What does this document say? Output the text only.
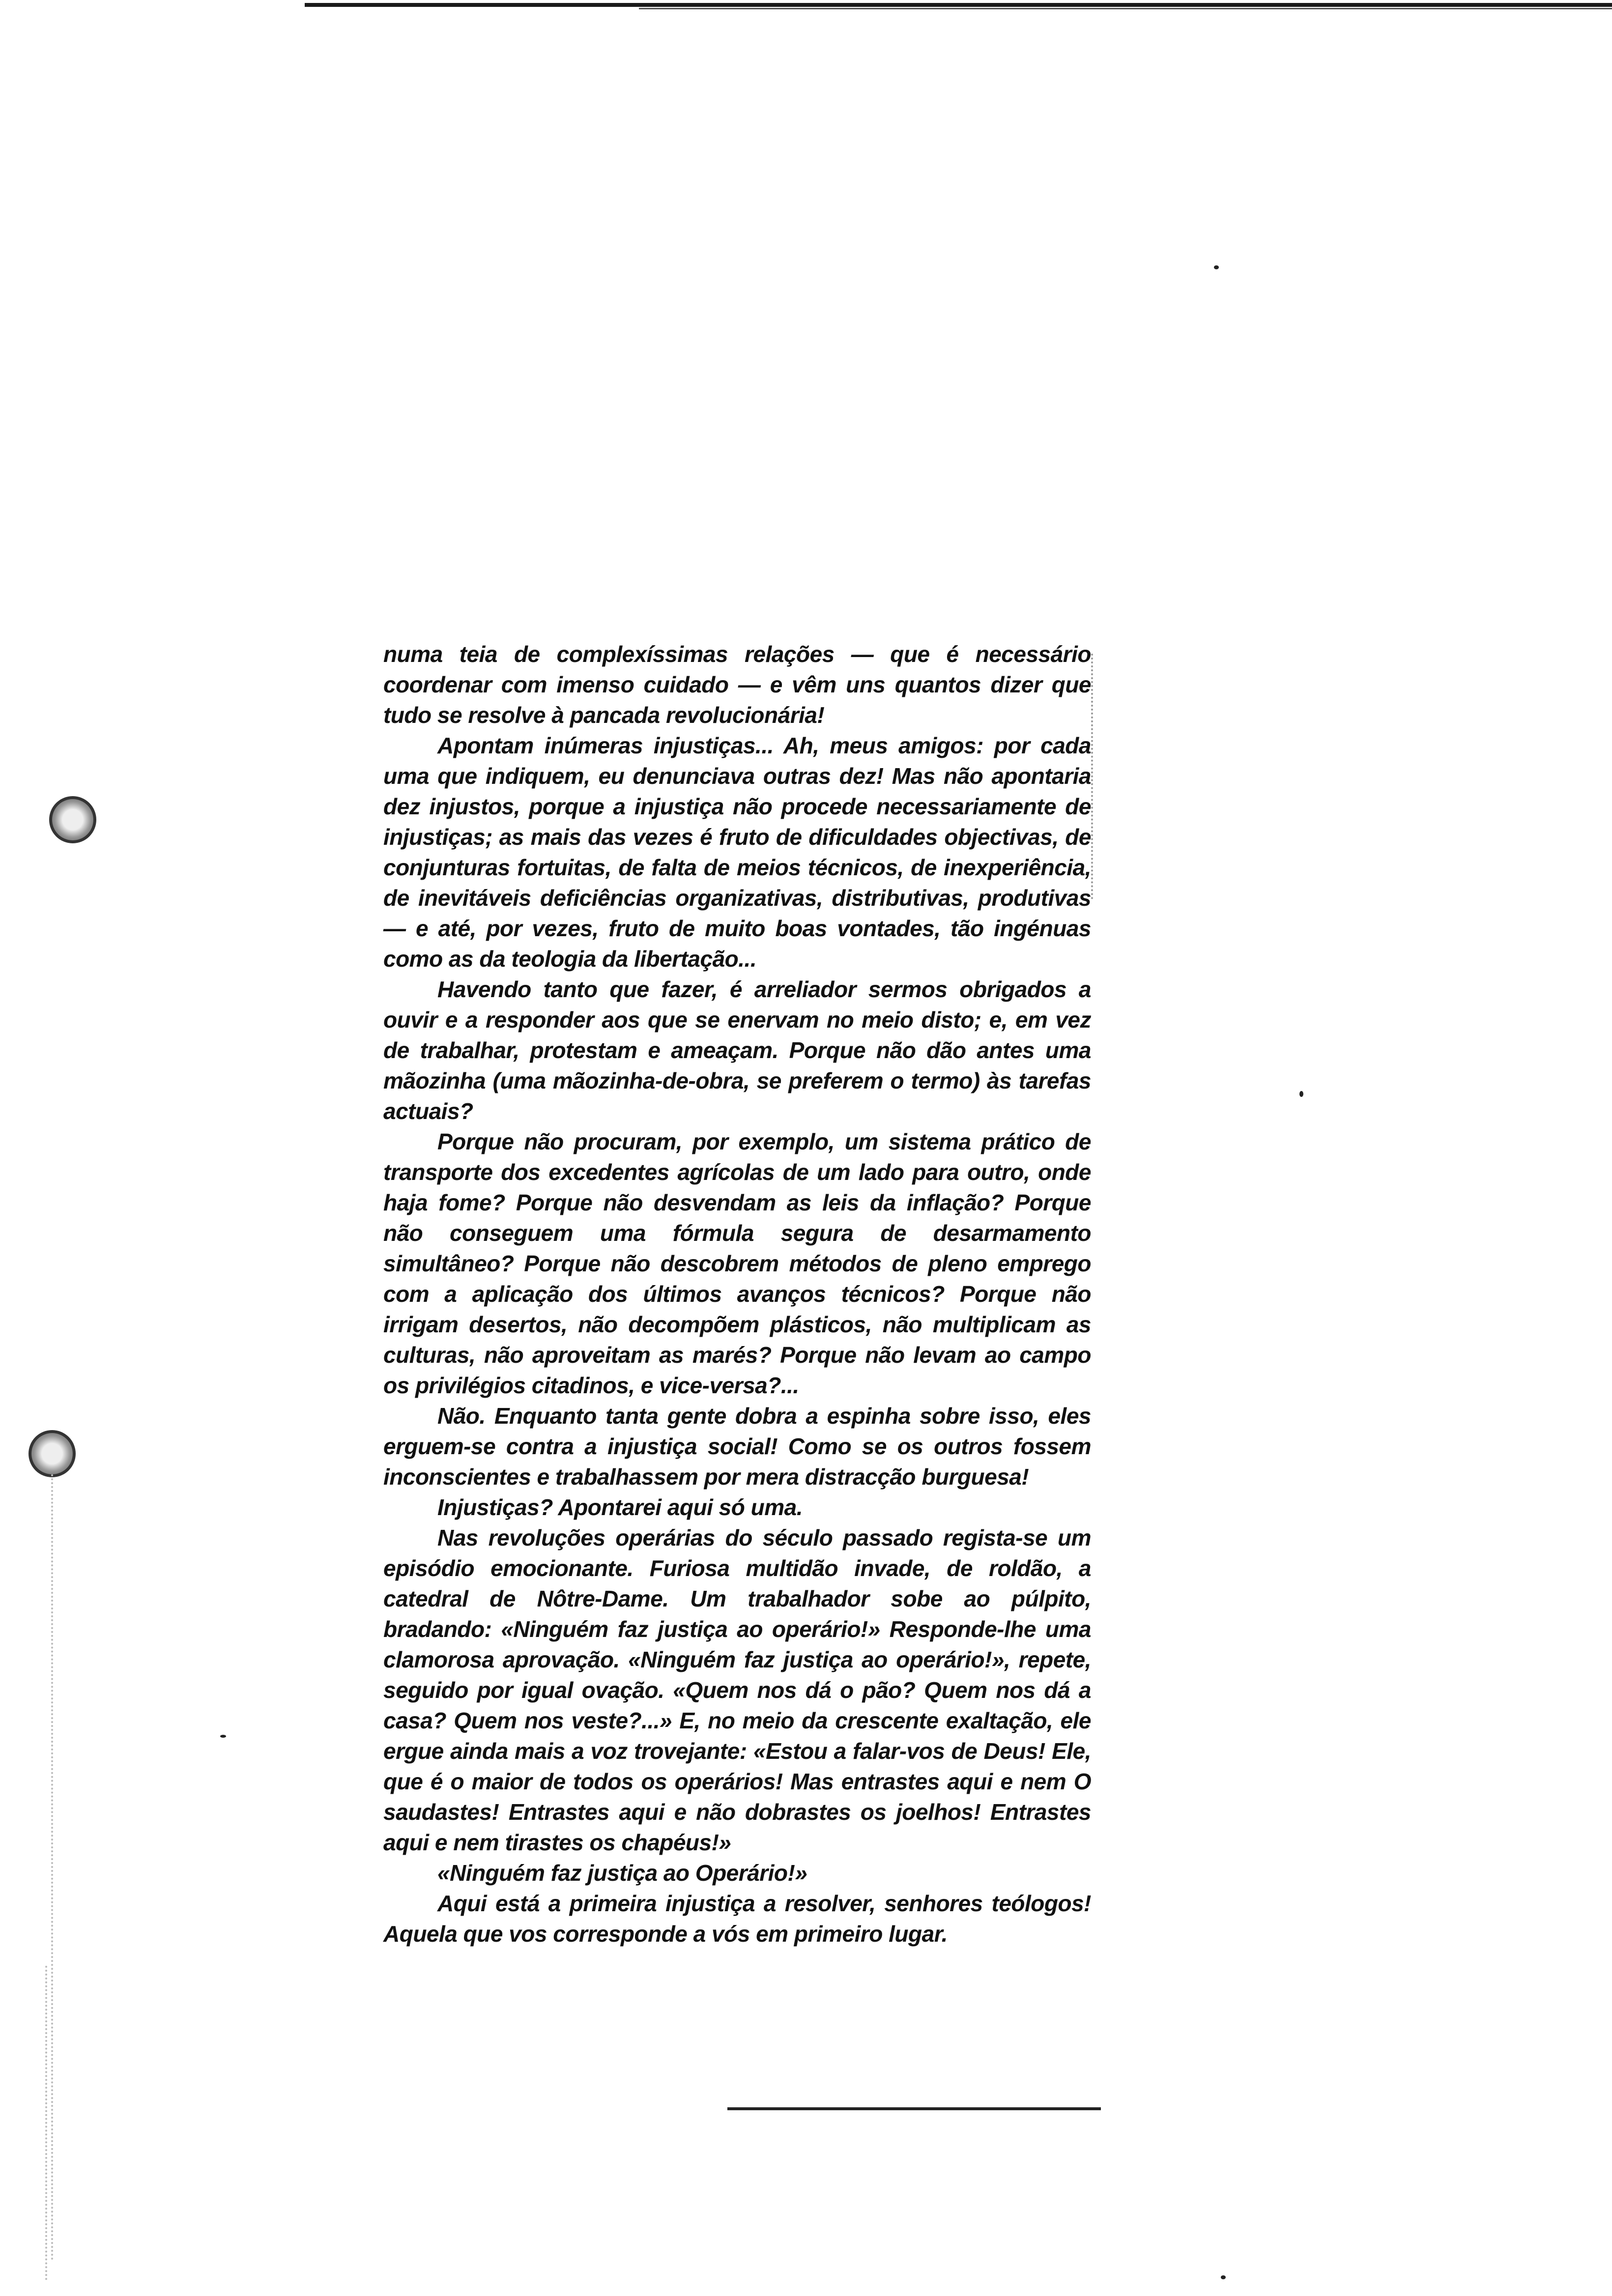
numa teia de complexíssimas relações — que é necessário coordenar com imenso cuidado — e vêm uns quantos dizer que tudo se resolve à pancada revolucionária!

Apontam inúmeras injustiças... Ah, meus amigos: por cada uma que indiquem, eu denunciava outras dez! Mas não apontaria dez injustos, porque a injustiça não procede necessariamente de injustiças; as mais das vezes é fruto de dificuldades objectivas, de conjunturas fortuitas, de falta de meios técnicos, de inexperiência, de inevitáveis deficiências organizativas, distributivas, produtivas — e até, por vezes, fruto de muito boas vontades, tão ingénuas como as da teologia da libertação...

Havendo tanto que fazer, é arreliador sermos obrigados a ouvir e a responder aos que se enervam no meio disto; e, em vez de trabalhar, protestam e ameaçam. Porque não dão antes uma mãozinha (uma mãozinha-de-obra, se preferem o termo) às tarefas actuais?

Porque não procuram, por exemplo, um sistema prático de transporte dos excedentes agrícolas de um lado para outro, onde haja fome? Porque não desvendam as leis da inflação? Porque não conseguem uma fórmula segura de desarmamento simultâneo? Porque não descobrem métodos de pleno emprego com a aplicação dos últimos avanços técnicos? Porque não irrigam desertos, não decompõem plásticos, não multiplicam as culturas, não aproveitam as marés? Porque não levam ao campo os privilégios citadinos, e vice-versa?...

Não. Enquanto tanta gente dobra a espinha sobre isso, eles erguem-se contra a injustiça social! Como se os outros fossem inconscientes e trabalhassem por mera distracção burguesa!

Injustiças? Apontarei aqui só uma.

Nas revoluções operárias do século passado regista-se um episódio emocionante. Furiosa multidão invade, de roldão, a catedral de Nôtre-Dame. Um trabalhador sobe ao púlpito, bradando: «Ninguém faz justiça ao operário!» Responde-lhe uma clamorosa aprovação. «Ninguém faz justiça ao operário!», repete, seguido por igual ovação. «Quem nos dá o pão? Quem nos dá a casa? Quem nos veste?...» E, no meio da crescente exaltação, ele ergue ainda mais a voz trovejante: «Estou a falar-vos de Deus! Ele, que é o maior de todos os operários! Mas entrastes aqui e nem O saudastes! Entrastes aqui e não dobrastes os joelhos! Entrastes aqui e nem tirastes os chapéus!»

«Ninguém faz justiça ao Operário!»

Aqui está a primeira injustiça a resolver, senhores teólogos! Aquela que vos corresponde a vós em primeiro lugar.
